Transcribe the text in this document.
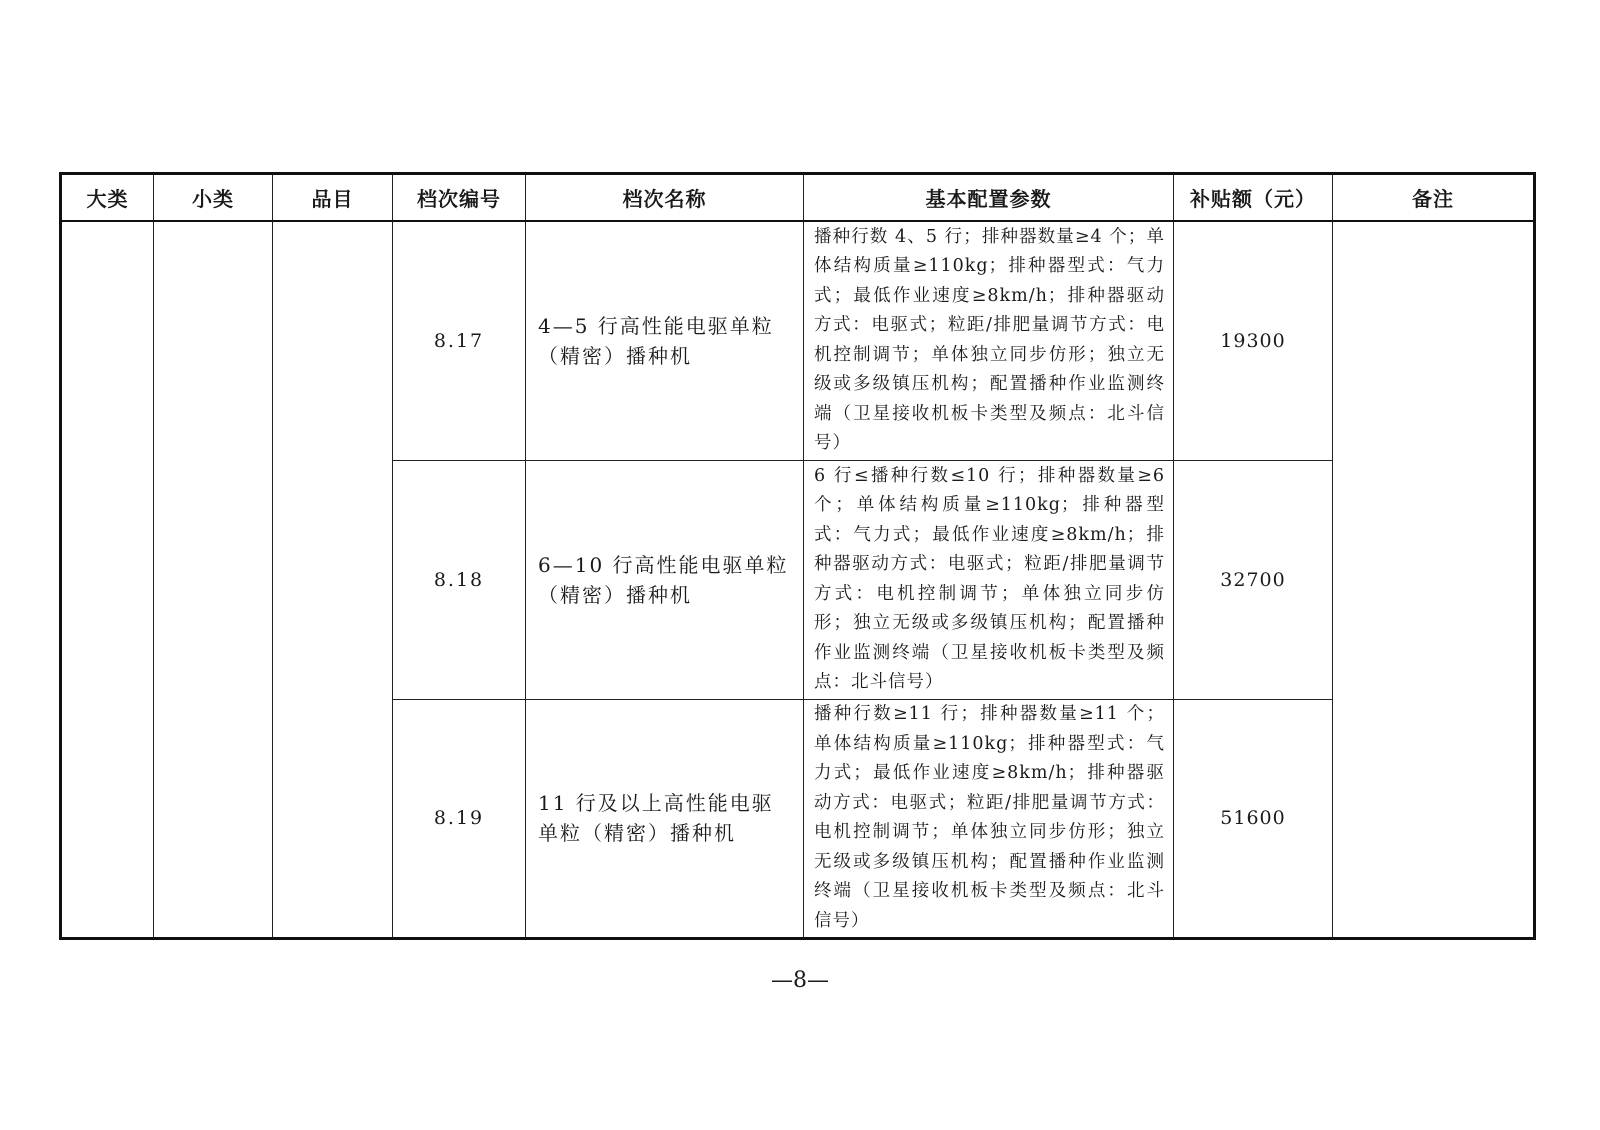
大类	小类	品目	档次编号	档次名称	基本配置参数	补贴额（元）	备注
			8.17	4—5 行高性能电驱单粒（精密）播种机	播种行数 4、5 行；排种器数量≥4 个；单体结构质量≥110kg；排种器型式：气力式；最低作业速度≥8km/h；排种器驱动方式：电驱式；粒距/排肥量调节方式：电机控制调节；单体独立同步仿形；独立无级或多级镇压机构；配置播种作业监测终端（卫星接收机板卡类型及频点：北斗信号）	19300	
			8.18	6—10 行高性能电驱单粒（精密）播种机	6 行≤播种行数≤10 行；排种器数量≥6 个；单体结构质量≥110kg；排种器型式：气力式；最低作业速度≥8km/h；排种器驱动方式：电驱式；粒距/排肥量调节方式：电机控制调节；单体独立同步仿形；独立无级或多级镇压机构；配置播种作业监测终端（卫星接收机板卡类型及频点：北斗信号）	32700	
			8.19	11 行及以上高性能电驱单粒（精密）播种机	播种行数≥11 行；排种器数量≥11 个；单体结构质量≥110kg；排种器型式：气力式；最低作业速度≥8km/h；排种器驱动方式：电驱式；粒距/排肥量调节方式：电机控制调节；单体独立同步仿形；独立无级或多级镇压机构；配置播种作业监测终端（卫星接收机板卡类型及频点：北斗信号）	51600	
—8—
